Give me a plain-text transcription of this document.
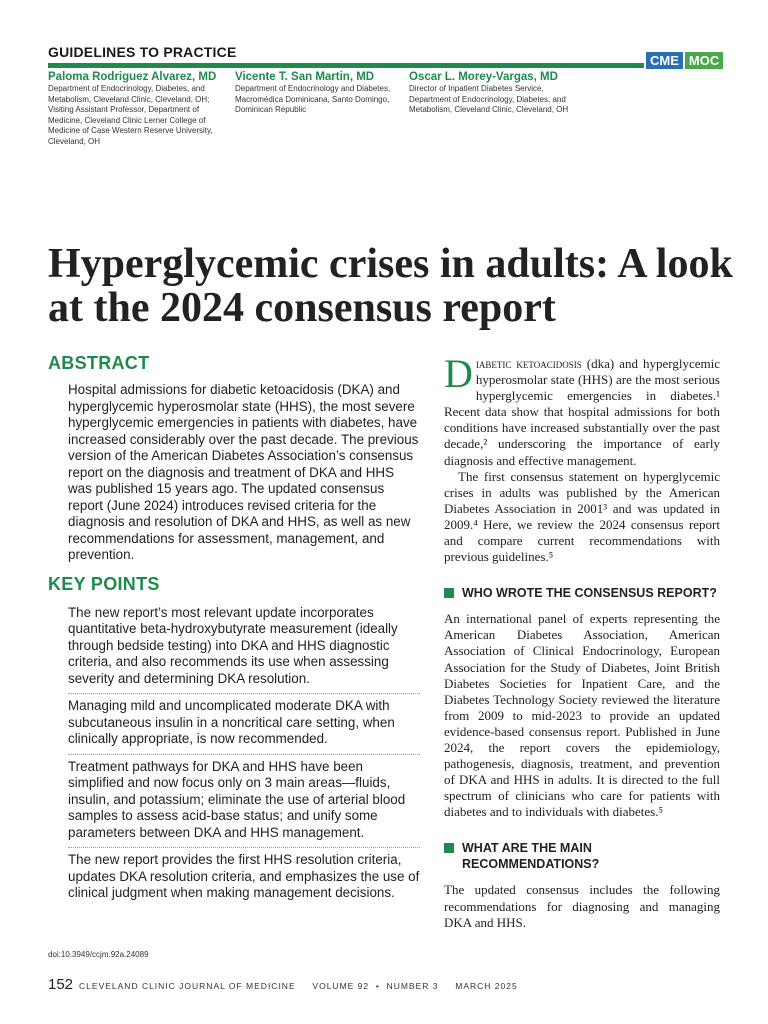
GUIDELINES TO PRACTICE
CME MOC
Paloma Rodriguez Alvarez, MD
Department of Endocrinology, Diabetes, and
Metabolism, Cleveland Clinic, Cleveland, OH;
Visiting Assistant Professor, Department of
Medicine, Cleveland Clinic Lerner College of
Medicine of Case Western Reserve University,
Cleveland, OH
Vicente T. San Martin, MD
Department of Endocrinology and Diabetes,
Macromédica Dominicana, Santo Domingo,
Dominican Republic
Oscar L. Morey-Vargas, MD
Director of Inpatient Diabetes Service,
Department of Endocrinology, Diabetes, and
Metabolism, Cleveland Clinic, Cleveland, OH
Hyperglycemic crises in adults: A look at the 2024 consensus report
ABSTRACT
Hospital admissions for diabetic ketoacidosis (DKA) and hyperglycemic hyperosmolar state (HHS), the most severe hyperglycemic emergencies in patients with diabetes, have increased considerably over the past decade. The previous version of the American Diabetes Association’s consensus report on the diagnosis and treatment of DKA and HHS was published 15 years ago. The updated consensus report (June 2024) introduces revised criteria for the diagnosis and resolution of DKA and HHS, as well as new recommendations for assessment, management, and prevention.
KEY POINTS
The new report’s most relevant update incorporates quantitative beta-hydroxybutyrate measurement (ideally through bedside testing) into DKA and HHS diagnostic criteria, and also recommends its use when assessing severity and determining DKA resolution.
Managing mild and uncomplicated moderate DKA with subcutaneous insulin in a noncritical care setting, when clinically appropriate, is now recommended.
Treatment pathways for DKA and HHS have been simplified and now focus only on 3 main areas—fluids, insulin, and potassium; eliminate the use of arterial blood samples to assess acid-base status; and unify some parameters between DKA and HHS management.
The new report provides the first HHS resolution criteria, updates DKA resolution criteria, and emphasizes the use of clinical judgment when making management decisions.
doi:10.3949/ccjm.92a.24089
152 CLEVELAND CLINIC JOURNAL OF MEDICINE     VOLUME 92  •  NUMBER 3     MARCH 2025

Diabetic ketoacidosis (dka) and hyperglycemic hyperosmolar state (HHS) are the most serious hyperglycemic emergencies in diabetes.¹ Recent data show that hospital admissions for both conditions have increased substantially over the past decade,² underscoring the importance of early diagnosis and effective management.

The first consensus statement on hyperglycemic crises in adults was published by the American Diabetes Association in 2001³ and was updated in 2009.⁴ Here, we review the 2024 consensus report and compare current recommendations with previous guidelines.⁵

WHO WROTE THE CONSENSUS REPORT?

An international panel of experts representing the American Diabetes Association, American Association of Clinical Endocrinology, European Association for the Study of Diabetes, Joint British Diabetes Societies for Inpatient Care, and the Diabetes Technology Society reviewed the literature from 2009 to mid-2023 to provide an updated evidence-based consensus report. Published in June 2024, the report covers the epidemiology, pathogenesis, diagnosis, treatment, and prevention of DKA and HHS in adults. It is directed to the full spectrum of clinicians who care for patients with diabetes and to individuals with diabetes.⁵

WHAT ARE THE MAIN RECOMMENDATIONS?

The updated consensus includes the following recommendations for diagnosing and managing DKA and HHS.
